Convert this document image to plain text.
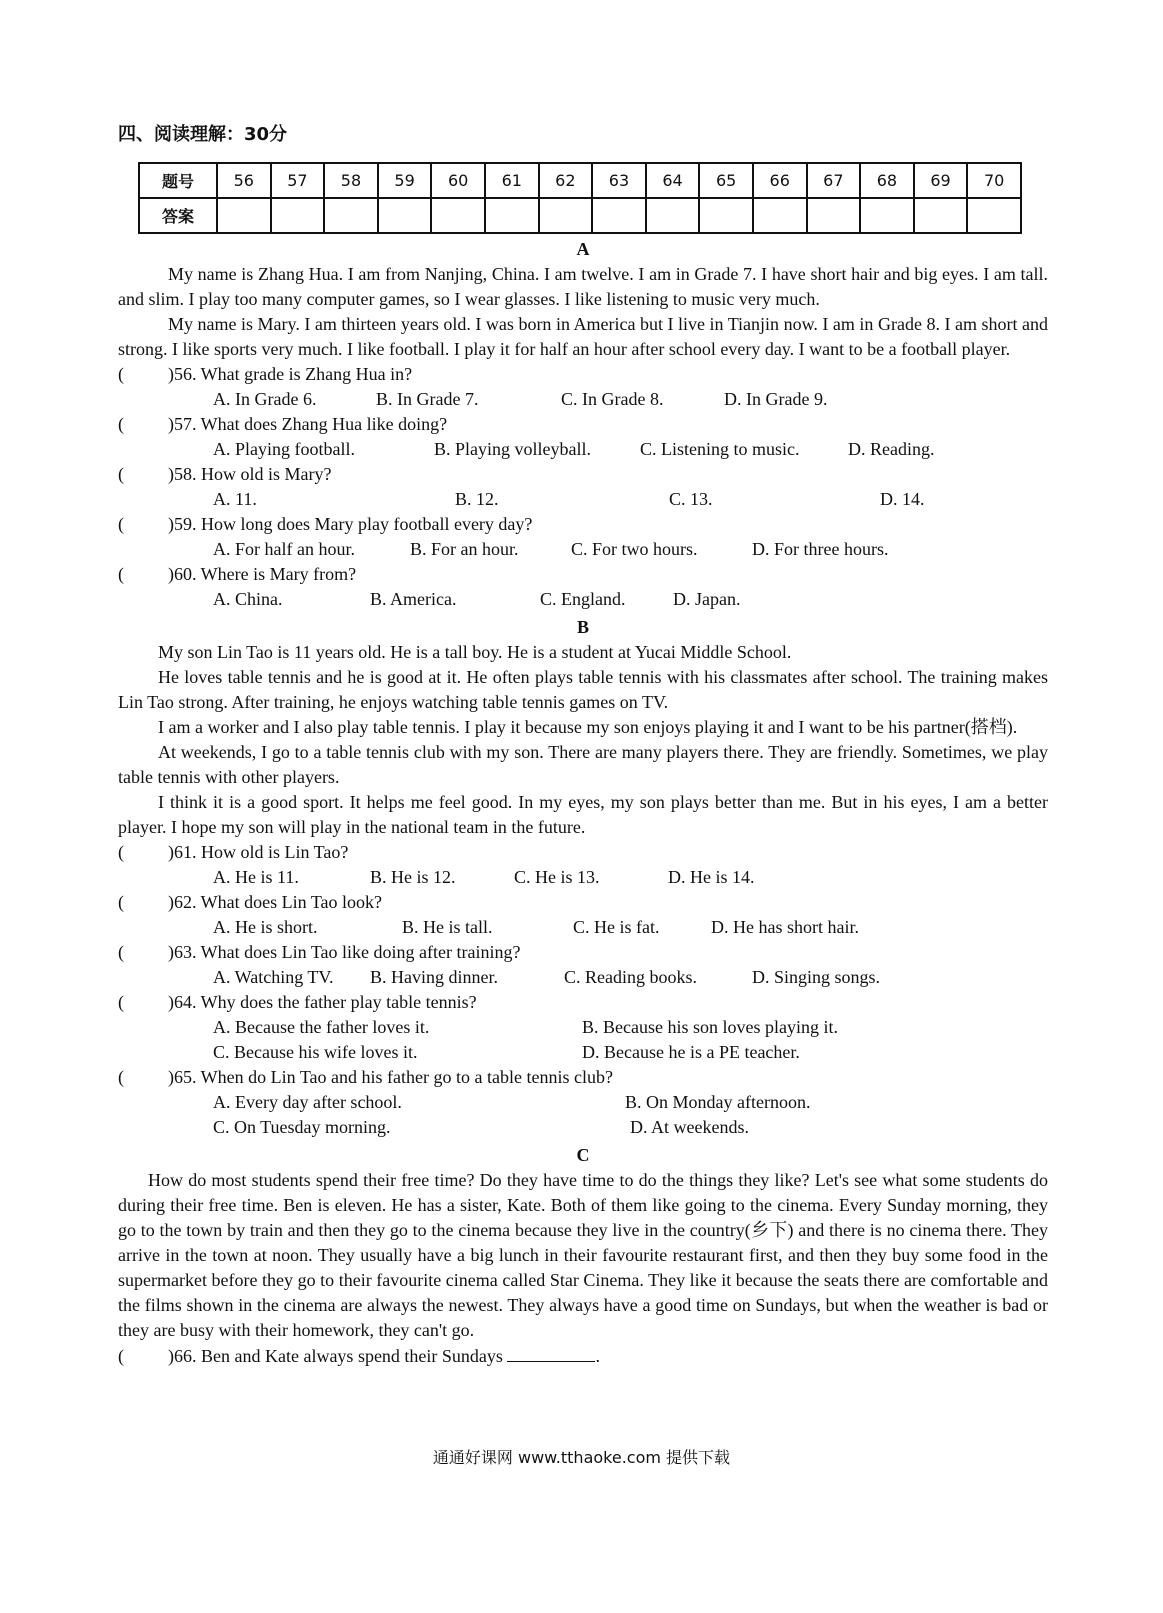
四、阅读理解：30分
题号	56	57	58	59	60	61	62	63	64	65	66	67	68	69	70
答案															
A

My name is Zhang Hua. I am from Nanjing, China. I am twelve. I am in Grade 7. I have short hair and big eyes. I am tall. and slim. I play too many computer games, so I wear glasses. I like listening to music very much.

My name is Mary. I am thirteen years old. I was born in America but I live in Tianjin now. I am in Grade 8. I am short and strong. I like sports very much. I like football. I play it for half an hour after school every day. I want to be a football player.

( )56. What grade is Zhang Hua in?
A. In Grade 6.	B. In Grade 7.	C. In Grade 8.	D. In Grade 9.
( )57. What does Zhang Hua like doing?
A. Playing football.	B. Playing volleyball.	C. Listening to music.	D. Reading.
( )58. How old is Mary?
A. 11.	B. 12.	C. 13.	D. 14.
( )59. How long does Mary play football every day?
A. For half an hour.	B. For an hour.	C. For two hours.	D. For three hours.
( )60. Where is Mary from?
A. China.	B. America.	C. England.	D. Japan.
B

My son Lin Tao is 11 years old. He is a tall boy. He is a student at Yucai Middle School.

He loves table tennis and he is good at it. He often plays table tennis with his classmates after school. The training makes Lin Tao strong. After training, he enjoys watching table tennis games on TV.

I am a worker and I also play table tennis. I play it because my son enjoys playing it and I want to be his partner(搭档).

At weekends, I go to a table tennis club with my son. There are many players there. They are friendly. Sometimes, we play table tennis with other players.

I think it is a good sport. It helps me feel good. In my eyes, my son plays better than me. But in his eyes, I am a better player. I hope my son will play in the national team in the future.

( )61. How old is Lin Tao?
A. He is 11.	B. He is 12.	C. He is 13.	D. He is 14.
( )62. What does Lin Tao look?
A. He is short.	B. He is tall.	C. He is fat.	D. He has short hair.
( )63. What does Lin Tao like doing after training?
A. Watching TV. B. Having dinner.	C. Reading books.	D. Singing songs.
( )64. Why does the father play table tennis?
A. Because the father loves it.	B. Because his son loves playing it.
C. Because his wife loves it.	D. Because he is a PE teacher.
( )65. When do Lin Tao and his father go to a table tennis club?
A. Every day after school.	B. On Monday afternoon.
C. On Tuesday morning.	D. At weekends.
C

How do most students spend their free time? Do they have time to do the things they like? Let's see what some students do during their free time. Ben is eleven. He has a sister, Kate. Both of them like going to the cinema. Every Sunday morning, they go to the town by train and then they go to the cinema because they live in the country(乡下) and there is no cinema there. They arrive in the town at noon. They usually have a big lunch in their favourite restaurant first, and then they buy some food in the supermarket before they go to their favourite cinema called Star Cinema. They like it because the seats there are comfortable and the films shown in the cinema are always the newest. They always have a good time on Sundays, but when the weather is bad or they are busy with their homework, they can't go.

( )66. Ben and Kate always spend their Sundays	.
通通好课网 www.tthaoke.com 提供下载
